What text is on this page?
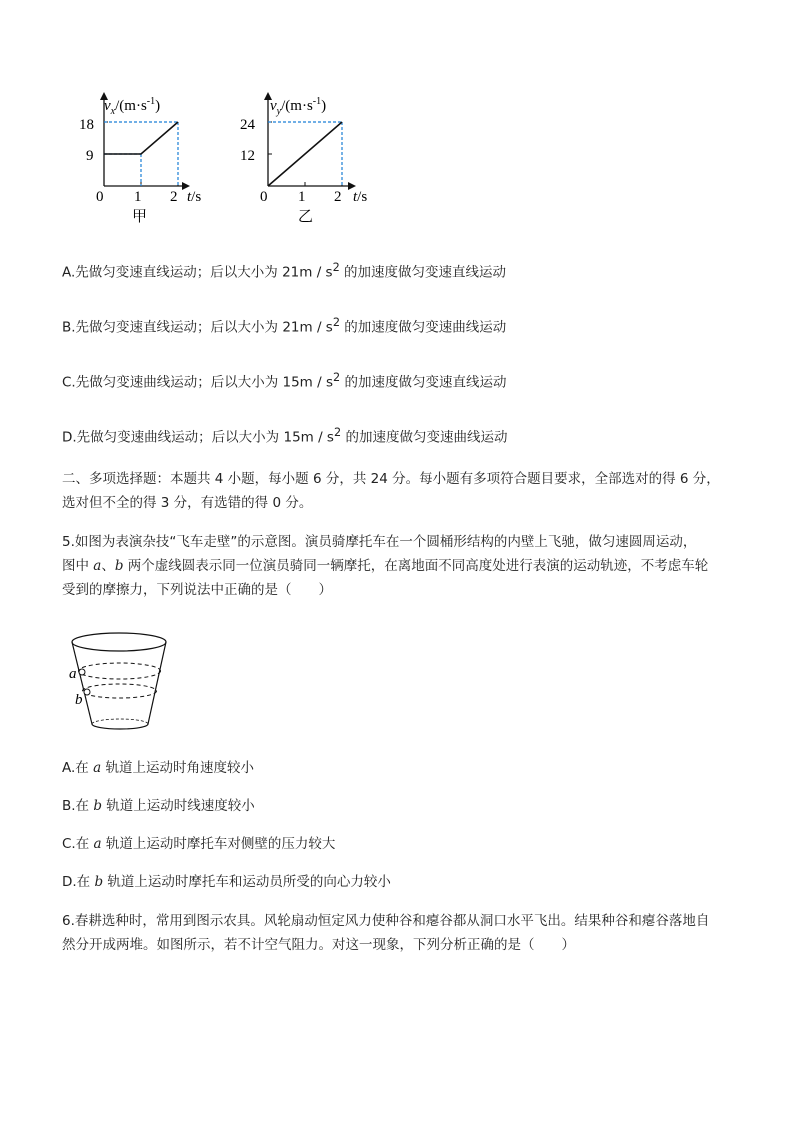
$v_x/(m\cdot s^{-1})$
18
9
0 1 2 t/s
甲
$v_y/(m\cdot s^{-1})$
24
12
0 1 2 t/s
乙
A.先做匀变速直线运动；后以大小为 $21m / s^2$ 的加速度做匀变速直线运动
B.先做匀变速直线运动；后以大小为 $21m / s^2$ 的加速度做匀变速曲线运动
C.先做匀变速曲线运动；后以大小为 $15m / s^2$ 的加速度做匀变速直线运动
D.先做匀变速曲线运动；后以大小为 $15m / s^2$ 的加速度做匀变速曲线运动
二、多项选择题：本题共 4 小题，每小题 6 分，共 24 分。每小题有多项符合题目要求，全部选对的得 6 分，
选对但不全的得 3 分，有选错的得 0 分。
5.如图为表演杂技“飞车走壁”的示意图。演员骑摩托车在一个圆桶形结构的内壁上飞驰，做匀速圆周运动，
图中 a、b 两个虚线圆表示同一位演员骑同一辆摩托，在离地面不同高度处进行表演的运动轨迹，不考虑车轮
受到的摩擦力，下列说法中正确的是（　　）
a
b
A.在 a 轨道上运动时角速度较小
B.在 b 轨道上运动时线速度较小
C.在 a 轨道上运动时摩托车对侧壁的压力较大
D.在 b 轨道上运动时摩托车和运动员所受的向心力较小
6.春耕选种时，常用到图示农具。风轮扇动恒定风力使种谷和瘪谷都从洞口水平飞出。结果种谷和瘪谷落地自
然分开成两堆。如图所示，若不计空气阻力。对这一现象，下列分析正确的是（　　）
